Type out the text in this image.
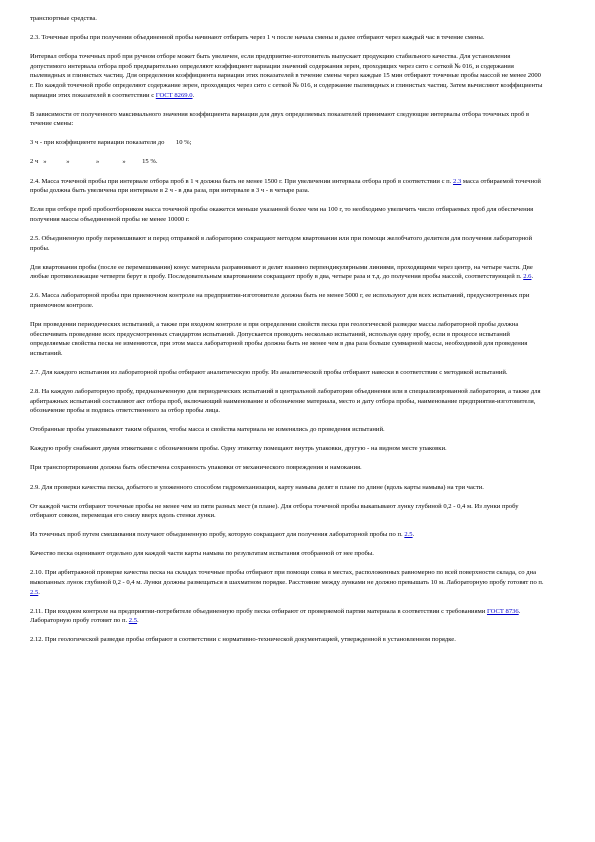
транспортные средства.

2.3. Точечные пробы при получении объединенной пробы начинают отбирать через 1 ч после начала смены и далее отбирают через каждый час в течение смены.

Интервал отбора точечных проб при ручном отборе может быть увеличен, если предприятие-изготовитель выпускает продукцию стабильного качества. Для установления допустимого интервала отбора проб предварительно определяют коэффициент вариации значений содержания зерен, проходящих через сито с сеткой № 016, и содержания пылевидных и глинистых частиц. Для определения коэффициента вариации этих показателей в течение смены через каждые 15 мин отбирают точечные пробы массой не менее 2000 г. По каждой точечной пробе определяют содержание зерен, проходящих через сито с сеткой № 016, и содержание пылевидных и глинистых частиц. Затем вычисляют коэффициенты вариации этих показателей в соответствии с ГОСТ 8269.0.

В зависимости от полученного максимального значения коэффициента вариации для двух определяемых показателей принимают следующие интервалы отбора точечных проб в течение смены:

3 ч - при коэффициенте вариации показателя до       10 %;

2 ч   »            »                »              »          15 %.

2.4. Масса точечной пробы при интервале отбора проб в 1 ч должна быть не менее 1500 г. При увеличении интервала отбора проб в соответствии с п. 2.3 масса отбираемой точечной пробы должна быть увеличена при интервале в 2 ч - в два раза, при интервале в 3 ч - в четыре раза.

Если при отборе проб пробоотборником масса точечной пробы окажется меньше указанной более чем на 100 г, то необходимо увеличить число отбираемых проб для обеспечения получения массы объединенной пробы не менее 10000 г.

2.5. Объединенную пробу перемешивают и перед отправкой в лабораторию сокращают методом квартования или при помощи желобчатого делителя для получения лабораторной пробы.

Для квартования пробы (после ее перемешивания) конус материала разравнивают и делят взаимно перпендикулярными линиями, проходящими через центр, на четыре части. Две любые противолежащие четверти берут в пробу. Последовательным квартованием сокращают пробу в два, четыре раза и т.д. до получения пробы массой, соответствующей п. 2.6.

2.6. Масса лабораторной пробы при приемочном контроле на предприятии-изготовителе должна быть не менее 5000 г, ее используют для всех испытаний, предусмотренных при приемочном контроле.

При проведении периодических испытаний, а также при входном контроле и при определении свойств песка при геологической разведке массы лабораторной пробы должна обеспечивать проведение всех предусмотренных стандартом испытаний. Допускается проводить несколько испытаний, используя одну пробу, если в процессе испытаний определяемые свойства песка не изменяются, при этом масса лабораторной пробы должна быть не менее чем в два раза больше суммарной массы, необходимой для проведения испытаний.

2.7. Для каждого испытания из лабораторной пробы отбирают аналитическую пробу. Из аналитической пробы отбирают навески в соответствии с методикой испытаний.

2.8. На каждую лабораторную пробу, предназначенную для периодических испытаний в центральной лаборатории объединения или в специализированной лаборатории, а также для арбитражных испытаний составляют акт отбора проб, включающий наименование и обозначение материала, место и дату отбора пробы, наименование предприятия-изготовителя, обозначение пробы и подпись ответственного за отбор пробы лица.

Отобранные пробы упаковывают таким образом, чтобы масса и свойства материала не изменялись до проведения испытаний.

Каждую пробу снабжают двумя этикетками с обозначением пробы. Одну этикетку помещают внутрь упаковки, другую - на видном месте упаковки.

При транспортировании должна быть обеспечена сохранность упаковки от механического повреждения и намокания.

2.9. Для проверки качества песка, добытого и уложенного способом гидромеханизации, карту намыва делят в плане по длине (вдоль карты намыва) на три части.

От каждой части отбирают точечные пробы не менее чем из пяти разных мест (в плане). Для отбора точечной пробы выкапывают лунку глубиной 0,2 - 0,4 м. Из лунки пробу отбирают совком, перемещая его снизу вверх вдоль стенки лунки.

Из точечных проб путем смешивания получают объединенную пробу, которую сокращают для получения лабораторной пробы по п. 2.5.

Качество песка оценивают отдельно для каждой части карты намыва по результатам испытания отобранной от нее пробы.

2.10. При арбитражной проверке качества песка на складах точечные пробы отбирают при помощи совка в местах, расположенных равномерно по всей поверхности склада, со дна выкопанных лунок глубиной 0,2 - 0,4 м. Лунки должны размещаться в шахматном порядке. Расстояние между лунками не должно превышать 10 м. Лабораторную пробу готовят по п. 2.5.

2.11. При входном контроле на предприятии-потребителе объединенную пробу песка отбирают от проверяемой партии материала в соответствии с требованиями ГОСТ 8736. Лабораторную пробу готовят по п. 2.5.

2.12. При геологической разведке пробы отбирают в соответствии с нормативно-технической документацией, утвержденной в установленном порядке.
